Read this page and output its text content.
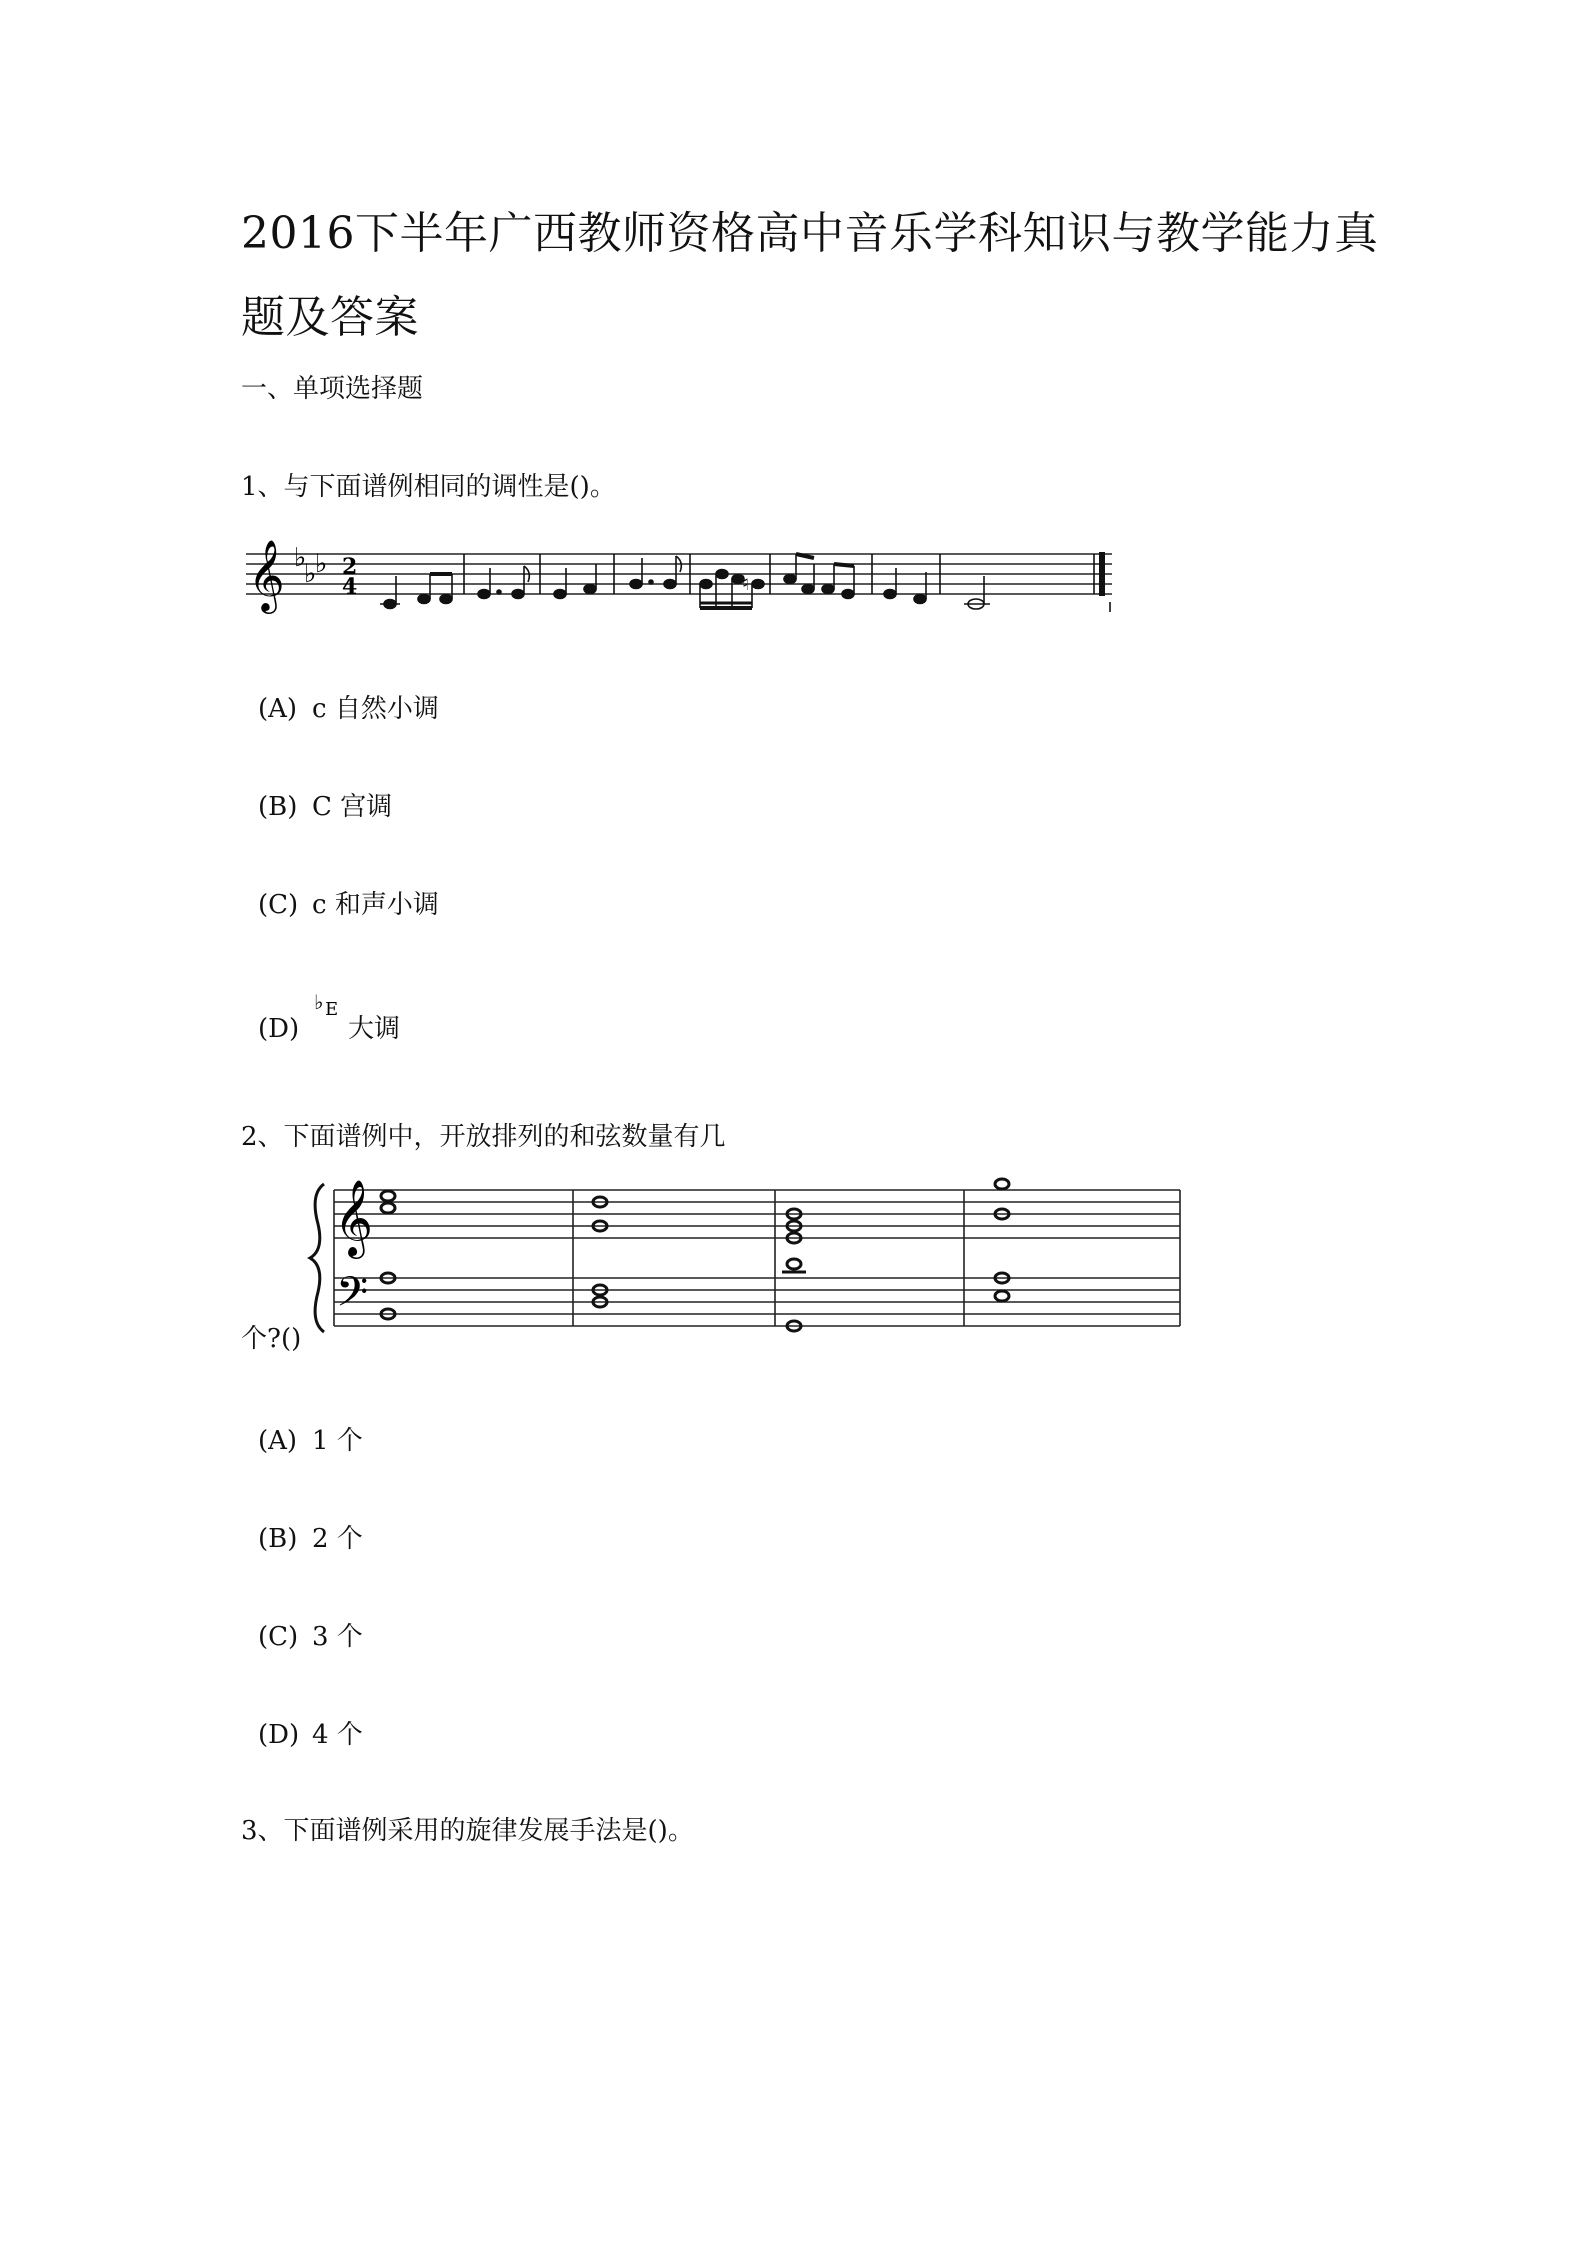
2016下半年广西教师资格高中音乐学科知识与教学能力真
题及答案
一、单项选择题
1、与下面谱例相同的调性是()。
𝄞 ♭
♭
♭ 2
4	♮
(A) c 自然小调
(B) C 宫调
(C) c 和声小调
(D)
♭ E
大调
2、下面谱例中，开放排列的和弦数量有几
𝄞
𝄢
个?()
(A) 1 个
(B) 2 个
(C) 3 个
(D) 4 个
3、下面谱例采用的旋律发展手法是()。
